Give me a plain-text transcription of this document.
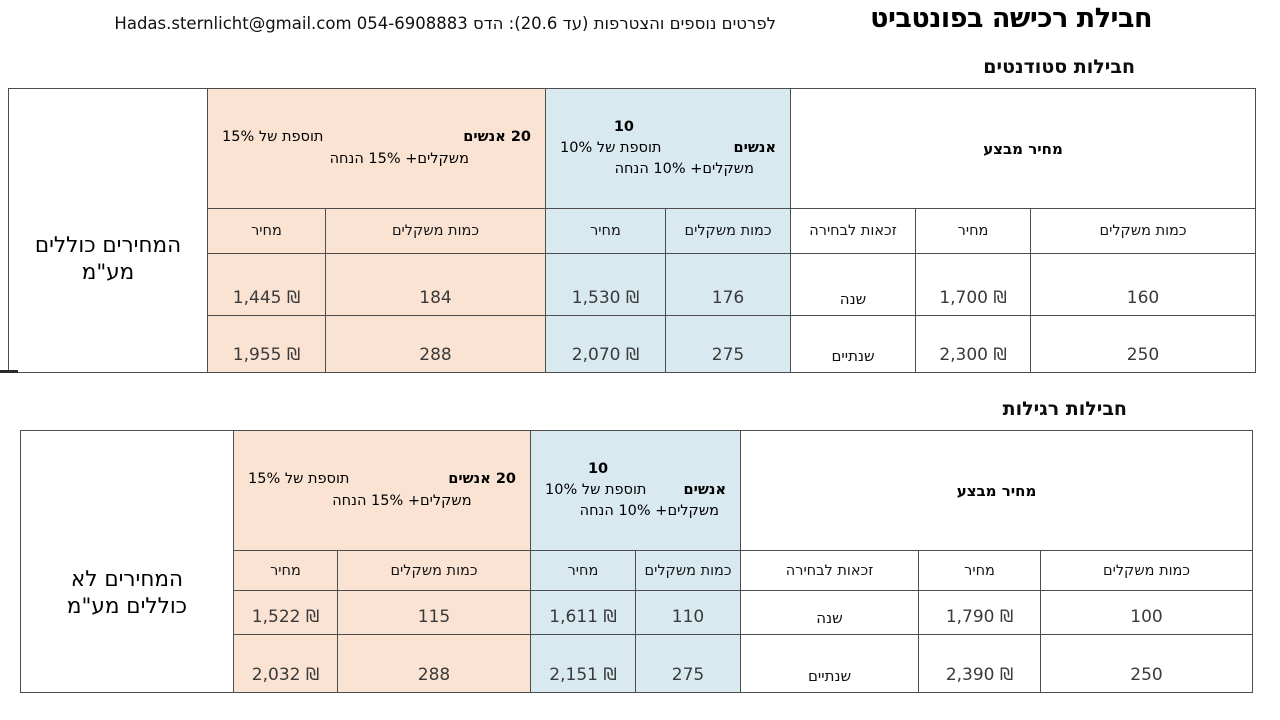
חבילת רכישה בפונטביט
לפרטים נוספים והצטרפות (עד 20.6): הדס 054-6908883 Hadas.sternlicht@gmail.com
חבילות סטודנטים
מחיר מבצע	
10
אנשים
תוספת של 10%
משקלים+ 10% הנחה

20 אנשים
תוספת של 15%
משקלים+ 15% הנחה

המחירים כוללים מע"מ

כמות משקלים	מחיר	זכאות לבחירה	כמות משקלים	מחיר	כמות משקלים	מחיר	
160	1,700 ₪	שנה	176	1,530 ₪	184	1,445 ₪	
250	2,300 ₪	שנתיים	275	2,070 ₪	288	1,955 ₪	
חבילות רגילות
מחיר מבצע	
10
אנשים
תוספת של 10%
משקלים+ 10% הנחה

20 אנשים
תוספת של 15%
משקלים+ 15% הנחה

המחירים לא כוללים מע"מ

כמות משקלים	מחיר	זכאות לבחירה	כמות משקלים	מחיר	כמות משקלים	מחיר	
100	1,790 ₪	שנה	110	1,611 ₪	115	1,522 ₪	
250	2,390 ₪	שנתיים	275	2,151 ₪	288	2,032 ₪	
